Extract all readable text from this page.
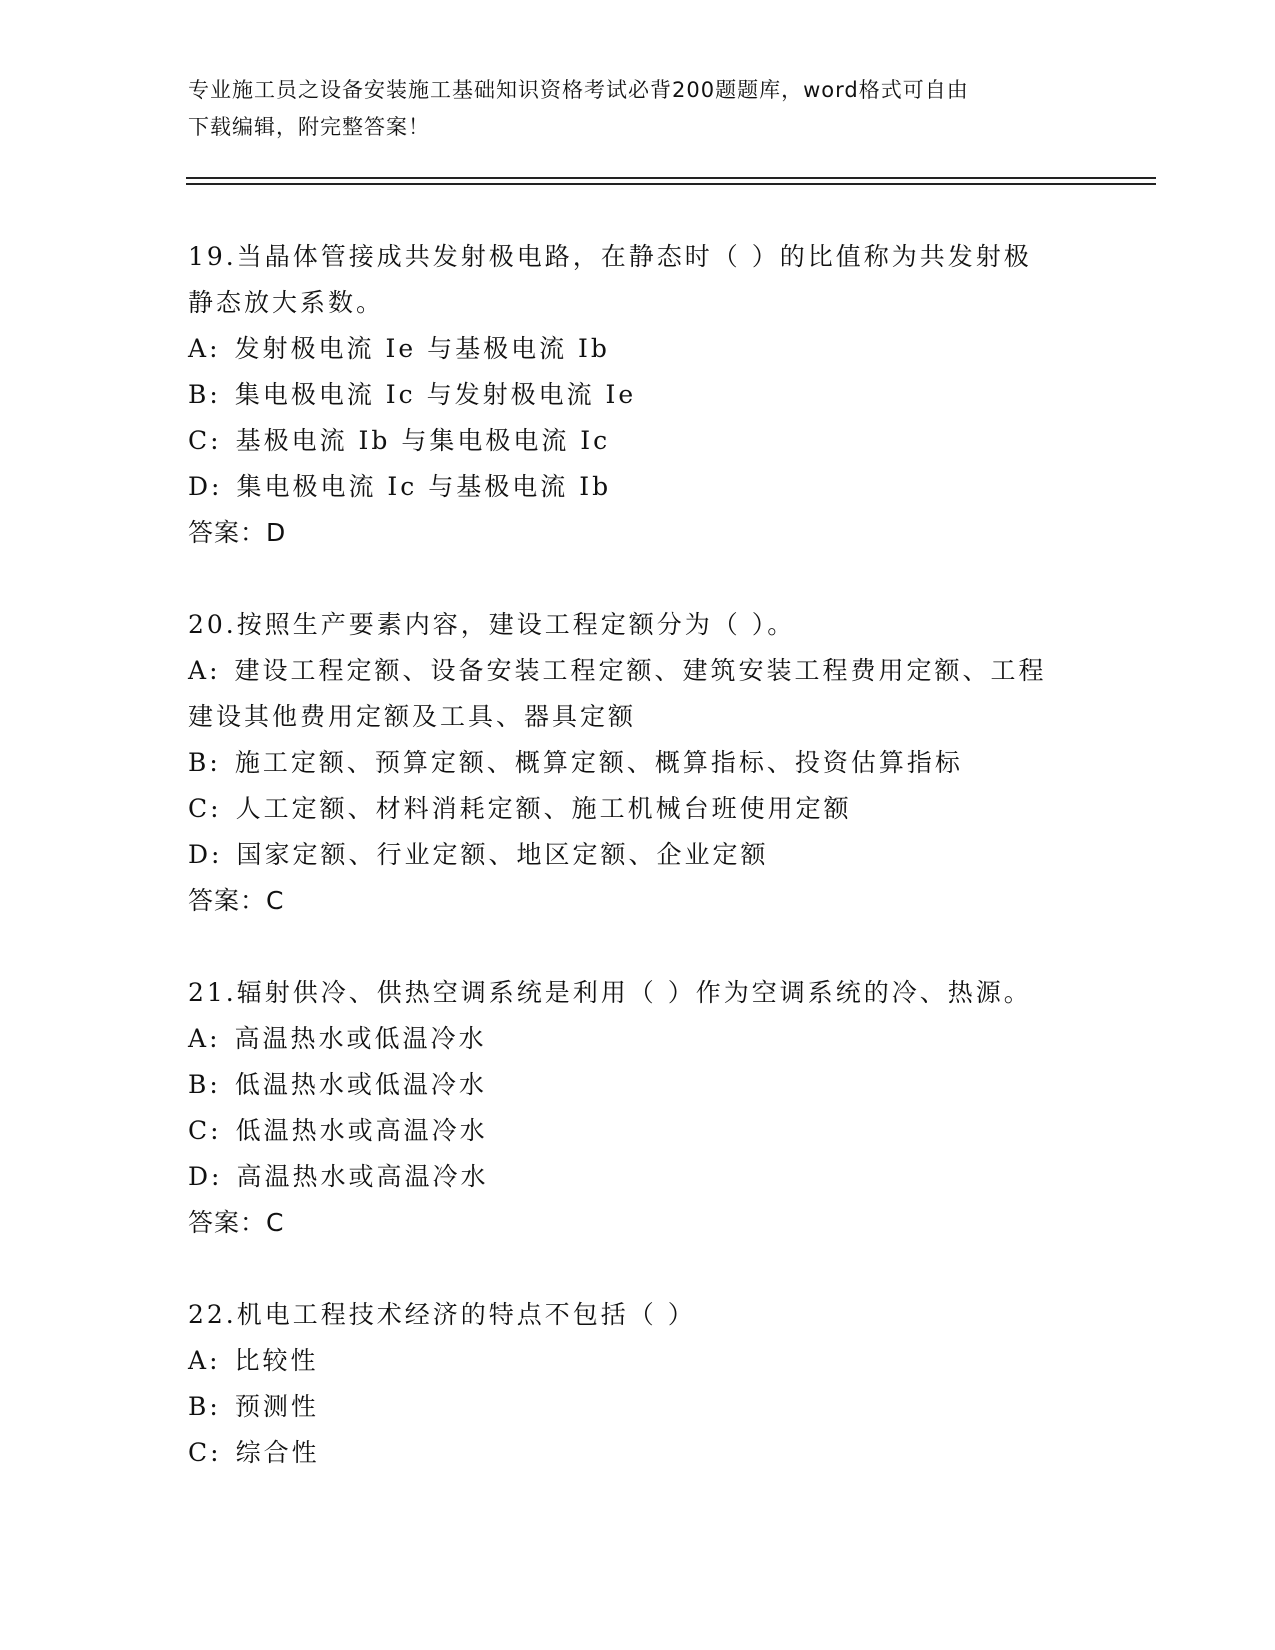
专业施工员之设备安装施工基础知识资格考试必背200题题库，word格式可自由
下载编辑，附完整答案！
19.当晶体管接成共发射极电路，在静态时（ ）的比值称为共发射极
静态放大系数。
A: 发射极电流 Ie 与基极电流 Ib
B: 集电极电流 Ic 与发射极电流 Ie
C: 基极电流 Ib 与集电极电流 Ic
D: 集电极电流 Ic 与基极电流 Ib
答案：D
20.按照生产要素内容，建设工程定额分为（ ）。
A: 建设工程定额、设备安装工程定额、建筑安装工程费用定额、工程
建设其他费用定额及工具、器具定额
B: 施工定额、预算定额、概算定额、概算指标、投资估算指标
C: 人工定额、材料消耗定额、施工机械台班使用定额
D: 国家定额、行业定额、地区定额、企业定额
答案：C
21.辐射供冷、供热空调系统是利用（ ）作为空调系统的冷、热源。
A: 高温热水或低温冷水
B: 低温热水或低温冷水
C: 低温热水或高温冷水
D: 高温热水或高温冷水
答案：C
22.机电工程技术经济的特点不包括（ ）
A: 比较性
B: 预测性
C: 综合性
